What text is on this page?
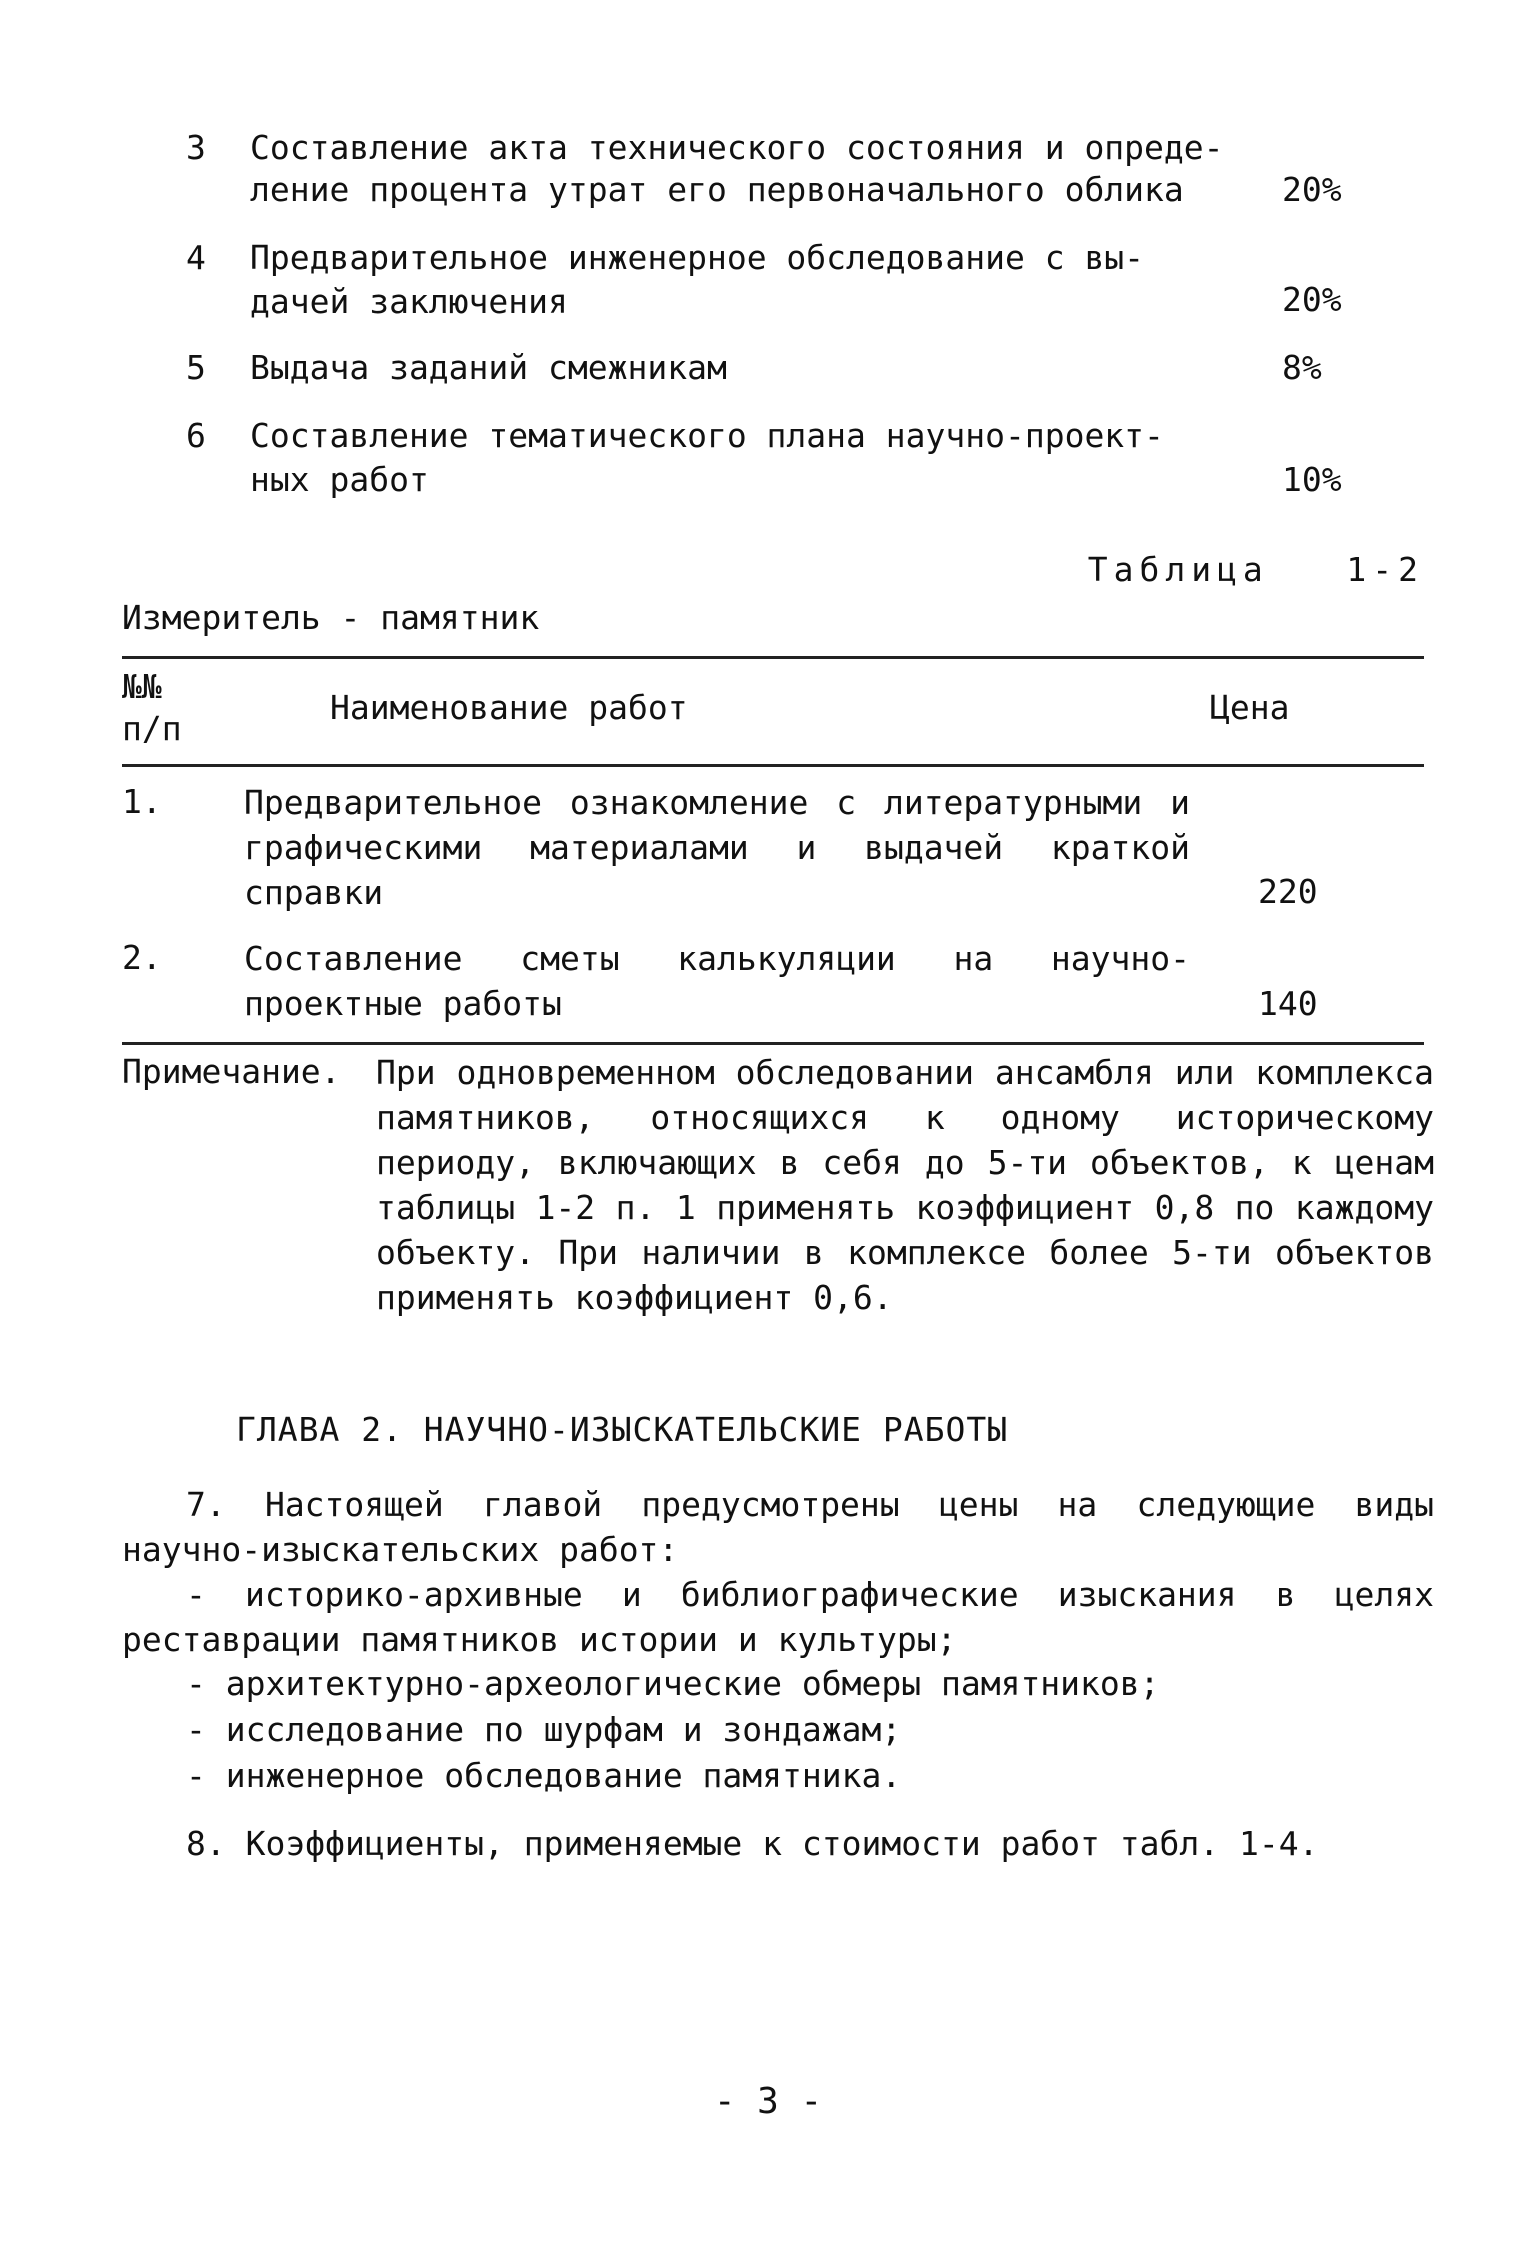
3 Составление акта технического состояния и опреде-
ление процента утрат его первоначального облика	20%
4 Предварительное инженерное обследование с вы-
дачей заключения	20%
5 Выдача заданий смежникам	8%
6 Составление тематического плана научно-проект-
ных работ	10%
Таблица   1-2
Измеритель - памятник
№№
п/п
Наименование работ	Цена
1. Предварительное ознакомление с литературными и графическими материалами и выдачей краткой справки	220
2. Составление сметы калькуляции на научно-проектные работы	140
Примечание. При одновременном обследовании ансамбля или комплекса памятников, относящихся к одному историческому периоду, включающих в себя до 5-ти объектов, к ценам таблицы 1-2 п. 1 применять коэффициент 0,8 по каждому объекту. При наличии в комплексе более 5-ти объектов применять коэффициент 0,6.
ГЛАВА 2. НАУЧНО-ИЗЫСКАТЕЛЬСКИЕ РАБОТЫ
7. Настоящей главой предусмотрены цены на следующие виды научно-изыскательских работ:
- историко-архивные и библиографические изыскания в целях реставрации памятников истории и культуры;
- архитектурно-археологические обмеры памятников;
- исследование по шурфам и зондажам;
- инженерное обследование памятника.
8. Коэффициенты, применяемые к стоимости работ табл. 1-4.
- 3 -
